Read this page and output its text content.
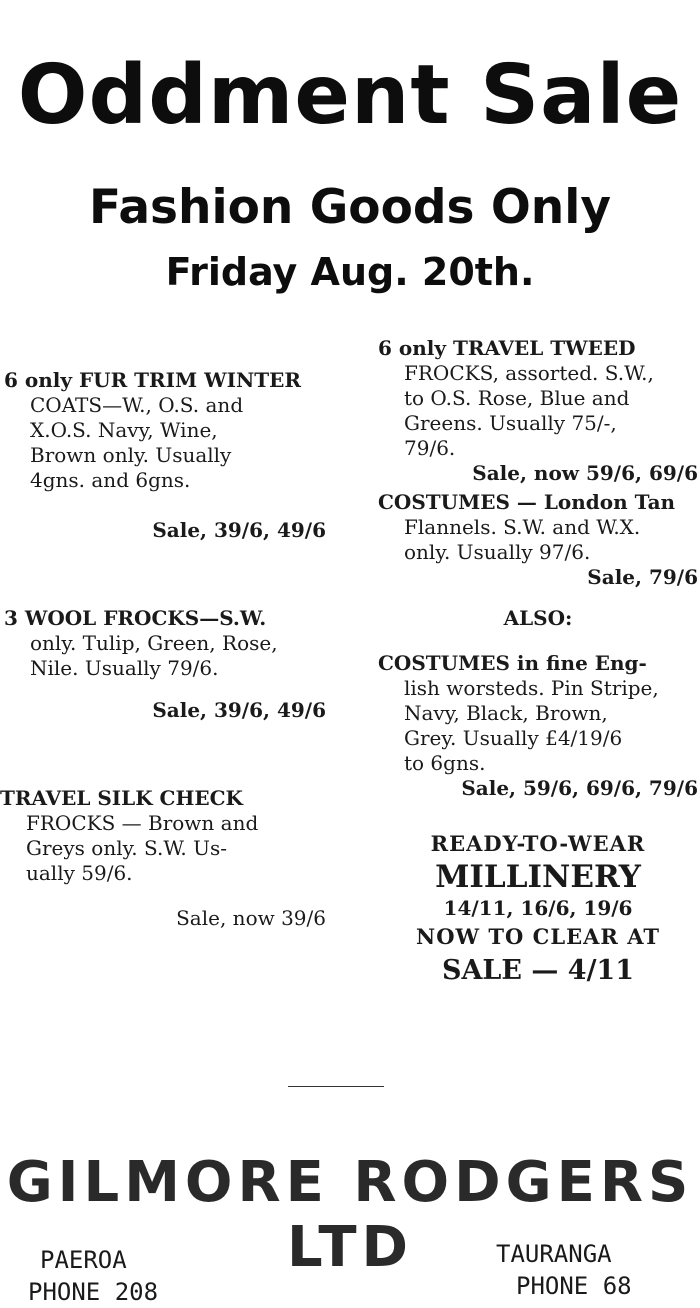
Oddment Sale
Fashion Goods Only
Friday Aug. 20th.

6 only FUR TRIM WINTER

COATS—W., O.S. and

X.O.S. Navy, Wine,

Brown only. Usually

4gns. and 6gns.

Sale, 39/6, 49/6

3 WOOL FROCKS—S.W.

only. Tulip, Green, Rose,

Nile. Usually 79/6.

Sale, 39/6, 49/6

TRAVEL SILK CHECK

FROCKS — Brown and

Greys only. S.W. Us-

ually 59/6.

Sale, now 39/6

6 only TRAVEL TWEED

FROCKS, assorted. S.W.,

to O.S. Rose, Blue and

Greens. Usually 75/-,

79/6.

Sale, now 59/6, 69/6

COSTUMES — London Tan

Flannels. S.W. and W.X.

only. Usually 97/6.

Sale, 79/6

ALSO:

COSTUMES in fine Eng-

lish worsteds. Pin Stripe,

Navy, Black, Brown,

Grey. Usually £4/19/6

to 6gns.

Sale, 59/6, 69/6, 79/6

READY-TO-WEAR
MILLINERY
14/11, 16/6, 19/6
NOW TO CLEAR AT
SALE — 4/11
GILMORE RODGERS LTD
PAEROA
PHONE 208
TAURANGA
PHONE 68
